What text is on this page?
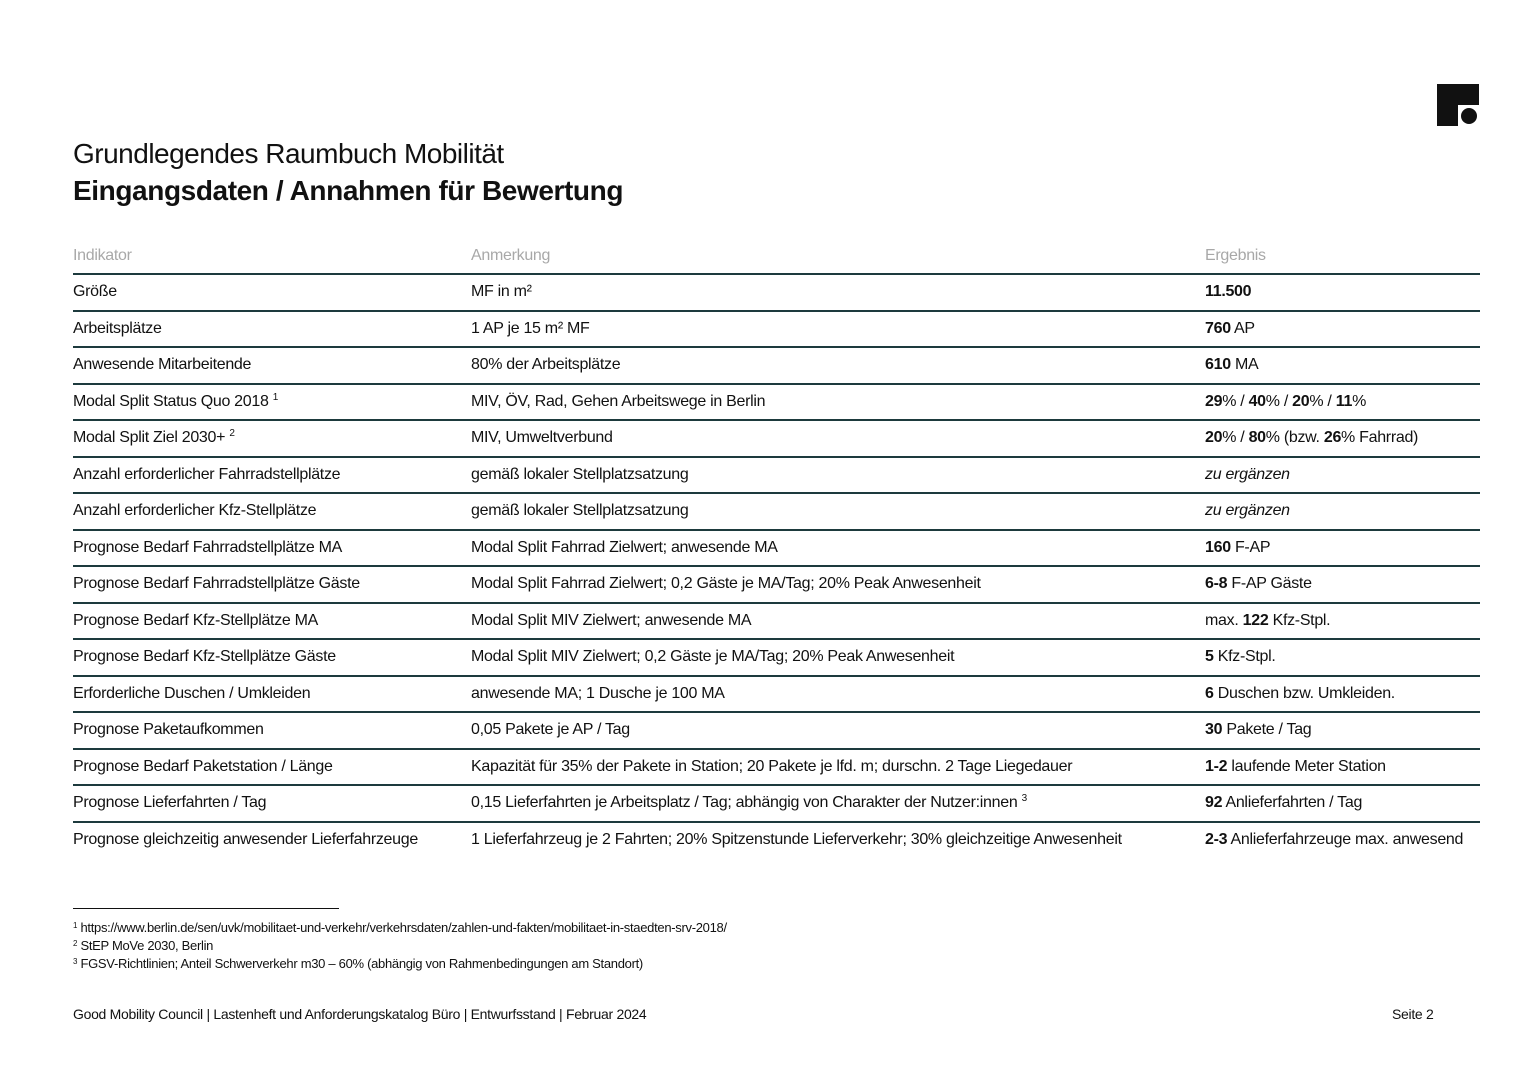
Grundlegendes Raumbuch Mobilität
Eingangsdaten / Annahmen für Bewertung
Indikator	Anmerkung	Ergebnis
Größe	MF in m²	11.500
Arbeitsplätze	1 AP je 15 m² MF	760 AP
Anwesende Mitarbeitende	80% der Arbeitsplätze	610 MA
Modal Split Status Quo 2018 $^1$	MIV, ÖV, Rad, Gehen Arbeitswege in Berlin	29% / 40% / 20% / 11%
Modal Split Ziel 2030+ $^2$	MIV, Umweltverbund	20% / 80% (bzw. 26% Fahrrad)
Anzahl erforderlicher Fahrradstellplätze	gemäß lokaler Stellplatzsatzung	zu ergänzen
Anzahl erforderlicher Kfz-Stellplätze	gemäß lokaler Stellplatzsatzung	zu ergänzen
Prognose Bedarf Fahrradstellplätze MA	Modal Split Fahrrad Zielwert; anwesende MA	160 F-AP
Prognose Bedarf Fahrradstellplätze Gäste	Modal Split Fahrrad Zielwert; 0,2 Gäste je MA/Tag; 20% Peak Anwesenheit	6-8 F-AP Gäste
Prognose Bedarf Kfz-Stellplätze MA	Modal Split MIV Zielwert; anwesende MA	max. 122 Kfz-Stpl.
Prognose Bedarf Kfz-Stellplätze Gäste	Modal Split MIV Zielwert; 0,2 Gäste je MA/Tag; 20% Peak Anwesenheit	5 Kfz-Stpl.
Erforderliche Duschen / Umkleiden	anwesende MA; 1 Dusche je 100 MA	6 Duschen bzw. Umkleiden.
Prognose Paketaufkommen	0,05 Pakete je AP / Tag	30 Pakete / Tag
Prognose Bedarf Paketstation / Länge	Kapazität für 35% der Pakete in Station; 20 Pakete je lfd. m; durschn. 2 Tage Liegedauer	1-2 laufende Meter Station
Prognose Lieferfahrten / Tag	0,15 Lieferfahrten je Arbeitsplatz / Tag; abhängig von Charakter der Nutzer:innen $^3$	92 Anlieferfahrten / Tag
Prognose gleichzeitig anwesender Lieferfahrzeuge	1 Lieferfahrzeug je 2 Fahrten; 20% Spitzenstunde Lieferverkehr; 30% gleichzeitige Anwesenheit	2-3 Anlieferfahrzeuge max. anwesend
$^1$ https://www.berlin.de/sen/uvk/mobilitaet-und-verkehr/verkehrsdaten/zahlen-und-fakten/mobilitaet-in-staedten-srv-2018/
$^2$ StEP MoVe 2030, Berlin
$^3$ FGSV-Richtlinien; Anteil Schwerverkehr m30 – 60% (abhängig von Rahmenbedingungen am Standort)
Good Mobility Council | Lastenheft und Anforderungskatalog Büro | Entwurfsstand | Februar 2024	Seite 2
